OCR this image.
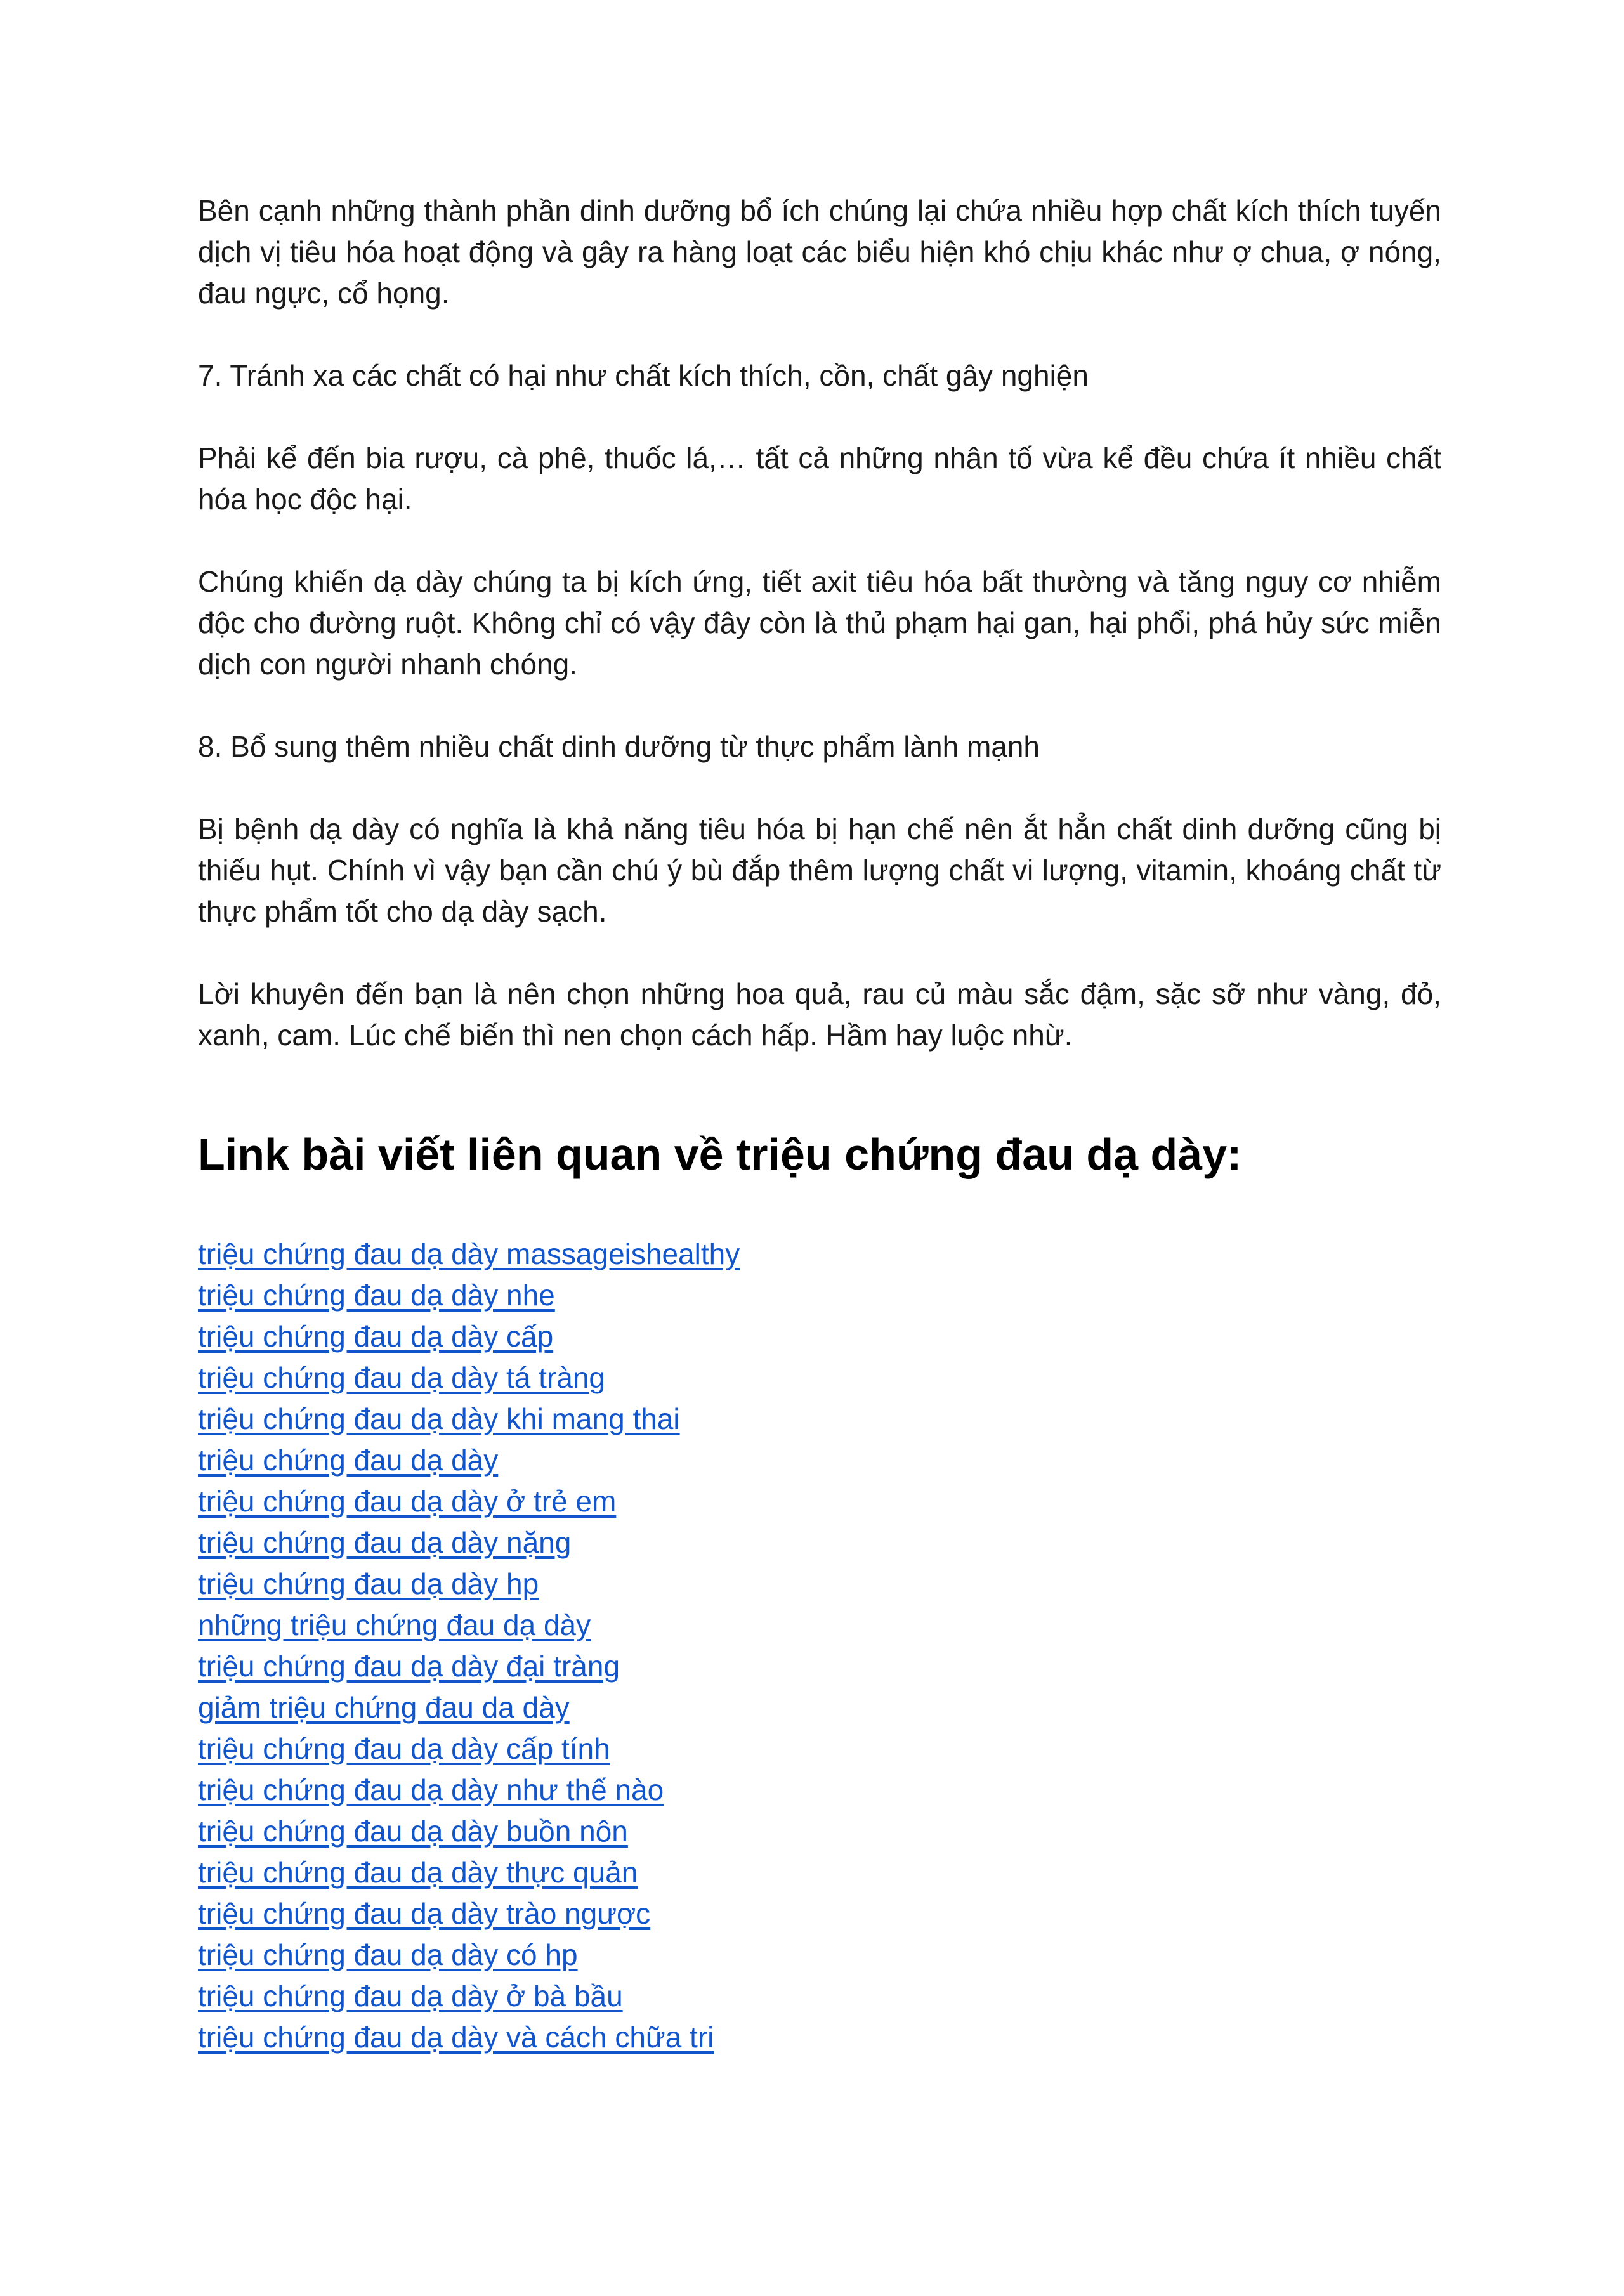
Bên cạnh những thành phần dinh dưỡng bổ ích chúng lại chứa nhiều hợp chất kích thích tuyến dịch vị tiêu hóa hoạt động và gây ra hàng loạt các biểu hiện khó chịu khác như ợ chua, ợ nóng, đau ngực, cổ họng.

7. Tránh xa các chất có hại như chất kích thích, cồn, chất gây nghiện

Phải kể đến bia rượu, cà phê, thuốc lá,… tất cả những nhân tố vừa kể đều chứa ít nhiều chất hóa học độc hại.

Chúng khiến dạ dày chúng ta bị kích ứng, tiết axit tiêu hóa bất thường và tăng nguy cơ nhiễm độc cho đường ruột. Không chỉ có vậy đây còn là thủ phạm hại gan, hại phổi, phá hủy sức miễn dịch con người nhanh chóng.

8. Bổ sung thêm nhiều chất dinh dưỡng từ thực phẩm lành mạnh

Bị bệnh dạ dày có nghĩa là khả năng tiêu hóa bị hạn chế nên ắt hẳn chất dinh dưỡng cũng bị thiếu hụt. Chính vì vậy bạn cần chú ý bù đắp thêm lượng chất vi lượng, vitamin, khoáng chất từ thực phẩm tốt cho dạ dày sạch.

Lời khuyên đến bạn là nên chọn những hoa quả, rau củ màu sắc đậm, sặc sỡ như vàng, đỏ, xanh, cam. Lúc chế biến thì nen chọn cách hấp. Hầm hay luộc nhừ.

Link bài viết liên quan về triệu chứng đau dạ dày:
triệu chứng đau dạ dày massageishealthy
triệu chứng đau dạ dày nhe
triệu chứng đau dạ dày cấp
triệu chứng đau dạ dày tá tràng
triệu chứng đau dạ dày khi mang thai
triệu chứng đau dạ dày
triệu chứng đau dạ dày ở trẻ em
triệu chứng đau dạ dày nặng
triệu chứng đau dạ dày hp
những triệu chứng đau dạ dày
triệu chứng đau dạ dày đại tràng
giảm triệu chứng đau da dày
triệu chứng đau dạ dày cấp tính
triệu chứng đau dạ dày như thế nào
triệu chứng đau dạ dày buồn nôn
triệu chứng đau dạ dày thực quản
triệu chứng đau dạ dày trào ngược
triệu chứng đau dạ dày có hp
triệu chứng đau dạ dày ở bà bầu
triệu chứng đau dạ dày và cách chữa tri
